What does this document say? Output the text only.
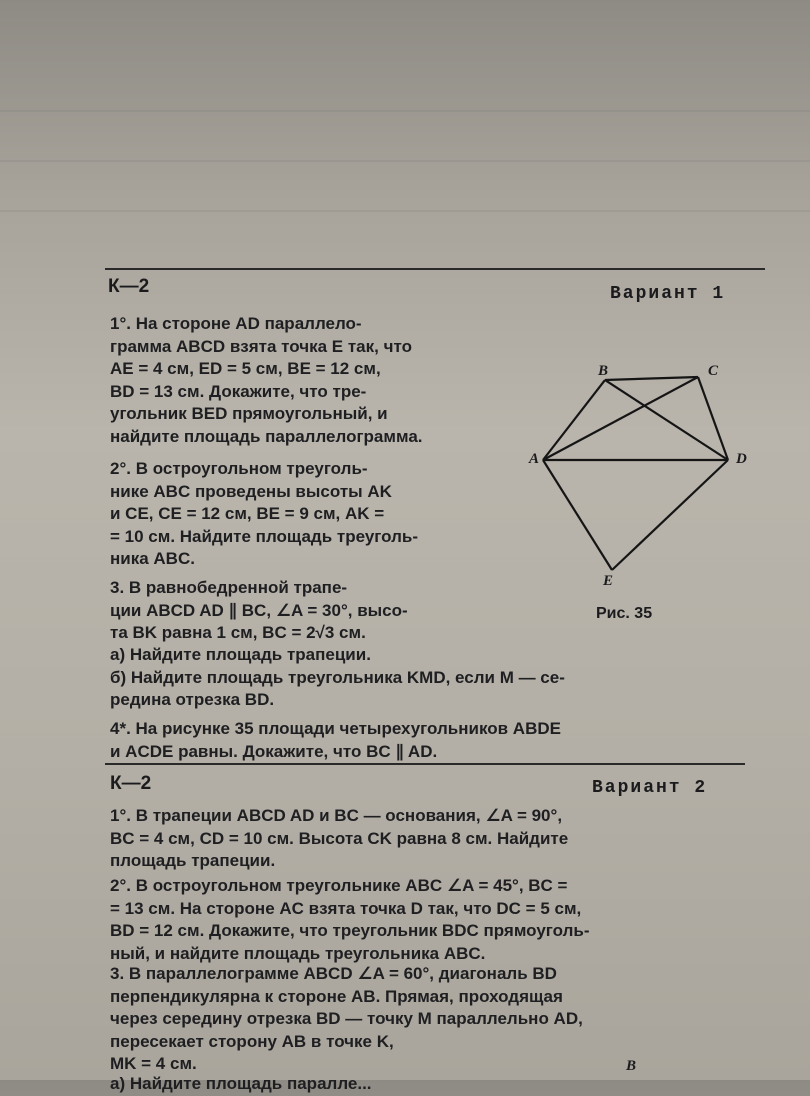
К—2	Вариант 1
1°. На стороне AD параллело-
грамма ABCD взята точка E так, что
AE = 4 см, ED = 5 см, BE = 12 см,
BD = 13 см. Докажите, что тре-
угольник BED прямоугольный, и
найдите площадь параллелограмма.
2°. В остроугольном треуголь-
нике ABC проведены высоты AK
и CE, CE = 12 см, BE = 9 см, AK =
= 10 см. Найдите площадь треуголь-
ника ABC.
3. В равнобедренной трапе-
ции ABCD AD ∥ BC, ∠A = 30°, высо-
та BK равна 1 см, BC = 2√3 см.
а) Найдите площадь трапеции.
б) Найдите площадь треугольника KMD, если M — се-
редина отрезка BD.
4*. На рисунке 35 площади четырехугольников ABDE
и ACDE равны. Докажите, что BC ∥ AD.
B	C
A	D
E
Рис. 35
К—2	Вариант 2
1°. В трапеции ABCD AD и BC — основания, ∠A = 90°,
BC = 4 см, CD = 10 см. Высота CK равна 8 см. Найдите
площадь трапеции.
2°. В остроугольном треугольнике ABC ∠A = 45°, BC =
= 13 см. На стороне AC взята точка D так, что DC = 5 см,
BD = 12 см. Докажите, что треугольник BDC прямоуголь-
ный, и найдите площадь треугольника ABC.
3. В параллелограмме ABCD ∠A = 60°, диагональ BD
перпендикулярна к стороне AB. Прямая, проходящая
через середину отрезка BD — точку M параллельно AD,
пересекает сторону AB в точке K,
MK = 4 см.
а) Найдите площадь паралле...
B
